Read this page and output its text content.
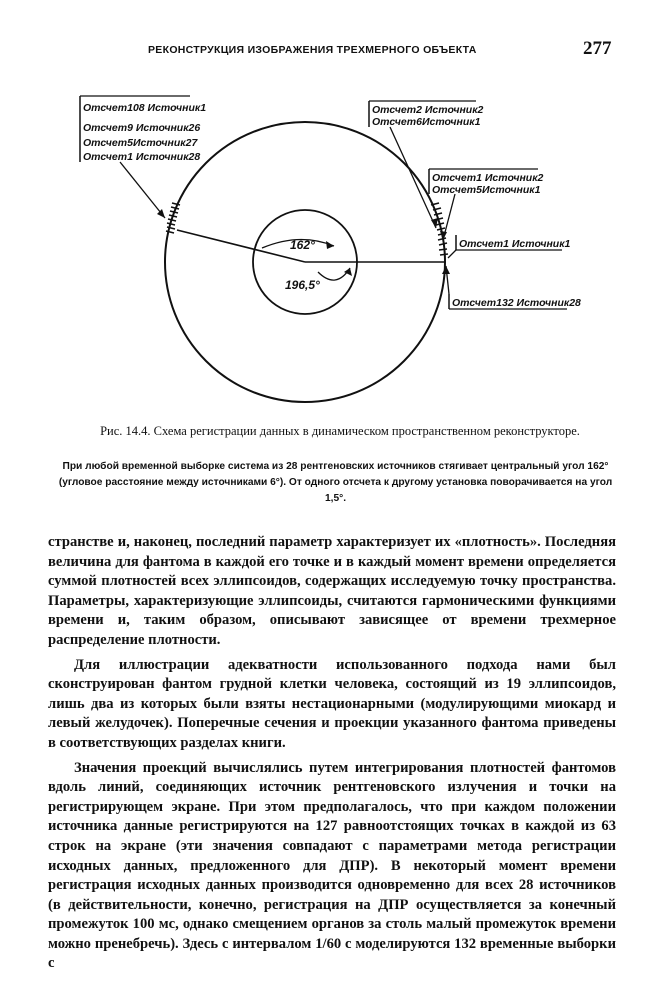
РЕКОНСТРУКЦИЯ ИЗОБРАЖЕНИЯ ТРЕХМЕРНОГО ОБЪЕКТА	277
162°
196,5°
Отсчет108 Источник1
Отсчет9 Источник26
Отсчет5Источник27
Отсчет1 Источник28
Отсчет2 Источник2
Отсчет6Источник1
Отсчет1 Источник2
Отсчет5Источник1
Отсчет1 Источник1
Отсчет132 Источник28
Рис. 14.4. Схема регистрации данных в динамическом пространственном реконструкторе.
При любой временной выборке система из 28 рентгеновских источников стягивает центральный угол 162° (угловое расстояние между источниками 6°). От одного отсчета к другому установка поворачивается на угол 1,5°.

странстве и, наконец, последний параметр характеризует их «плотность». Последняя величина для фантома в каждой его точке и в каждый момент времени определяется суммой плотностей всех эллипсоидов, содержащих исследуемую точку пространства. Параметры, характеризующие эллипсоиды, считаются гармоническими функциями времени и, таким образом, описывают зависящее от времени трехмерное распределение плотности.

Для иллюстрации адекватности использованного подхода нами был сконструирован фантом грудной клетки человека, состоящий из 19 эллипсоидов, лишь два из которых были взяты нестационарными (модулирующими миокард и левый желудочек). Поперечные сечения и проекции указанного фантома приведены в соответствующих разделах книги.

Значения проекций вычислялись путем интегрирования плотностей фантомов вдоль линий, соединяющих источник рентгеновского излучения и точки на регистрирующем экране. При этом предполагалось, что при каждом положении источника данные регистрируются на 127 равноотстоящих точках в каждой из 63 строк на экране (эти значения совпадают с параметрами метода регистрации исходных данных, предложенного для ДПР). В некоторый момент времени регистрация исходных данных производится одновременно для всех 28 источников (в действительности, конечно, регистрация на ДПР осуществляется за конечный промежуток 100 мс, однако смещением органов за столь малый промежуток времени можно пренебречь). Здесь с интервалом 1/60 с моделируются 132 временные выборки с
